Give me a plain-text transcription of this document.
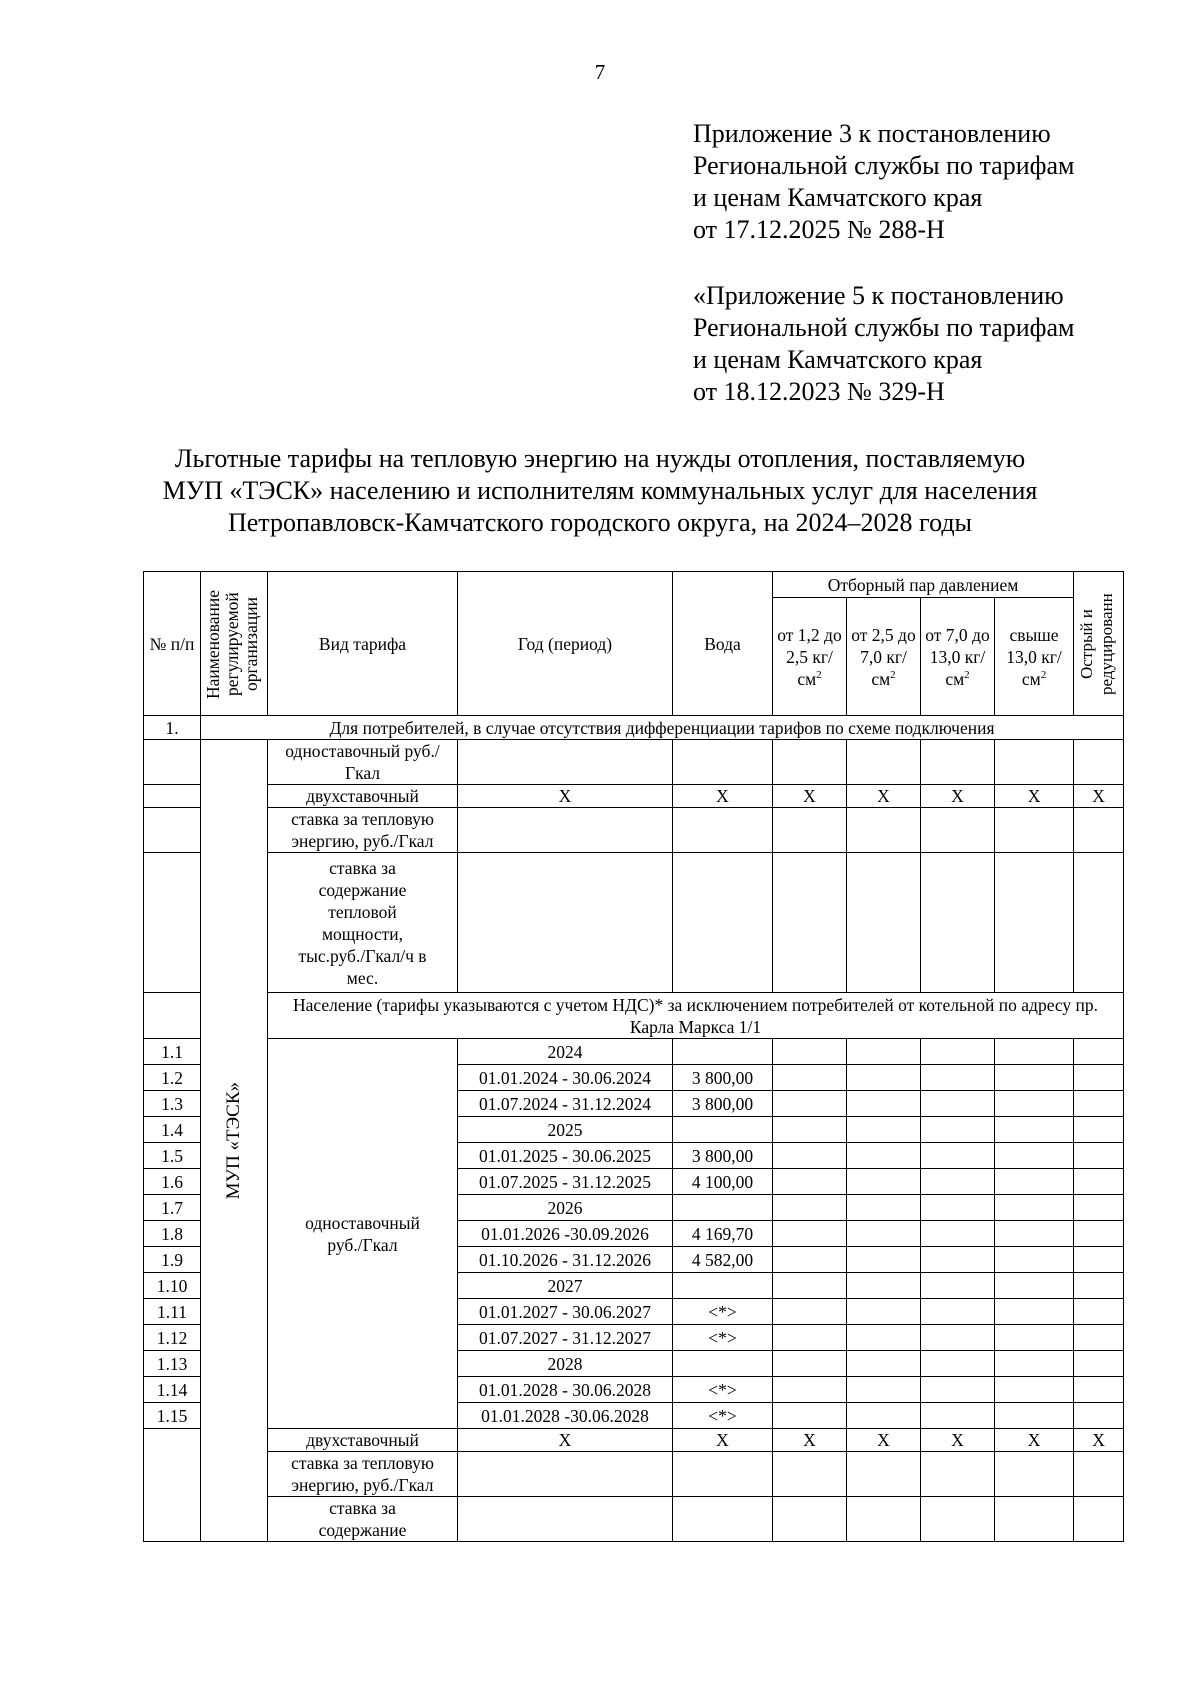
7
Приложение 3 к постановлению
Региональной службы по тарифам
и ценам Камчатского края
от 17.12.2025 № 288-Н
«Приложение 5 к постановлению
Региональной службы по тарифам
и ценам Камчатского края
от 18.12.2023 № 329-Н
Льготные тарифы на тепловую энергию на нужды отопления, поставляемую
МУП «ТЭСК» населению и исполнителям коммунальных услуг для населения
Петропавловск-Камчатского городского округа, на 2024–2028 годы
№ п/п	Наименование регулируемой организации	Вид тарифа	Год (период)	Вода	Отборный пар давлением				Острый и редуцированн

					от 1,2 до 2,5 $кг/см^2$	от 2,5 до 7,0 $кг/см^2$	от 7,0 до 13,0 $кг/см^2$	свыше 13,0 $кг/см^2$
1.	Для потребителей, в случае отсутствия дифференциации тарифов по схеме подключения								

	МУП «ТЭСК»	одноставочный руб./Гкал							
		двухставочный	X	X	X	X	X	X	X
		ставка за тепловую энергию, руб./Гкал							
		ставка за содержание тепловой мощности, тыс.руб./Гкал/ч в мес.							
		Население (тарифы указываются с учетом НДС)* за исключением потребителей от котельной по адресу пр. Карла Маркса 1/1							
1.1		одноставочный руб./Гкал	2024						
1.2			01.01.2024 - 30.06.2024	3 800,00					
1.3			01.07.2024 - 31.12.2024	3 800,00					
1.4			2025						
1.5			01.01.2025 - 30.06.2025	3 800,00					
1.6			01.07.2025 - 31.12.2025	4 100,00					
1.7			2026						
1.8			01.01.2026 -30.09.2026	4 169,70					
1.9			01.10.2026 - 31.12.2026	4 582,00					
1.10			2027						
1.11			01.01.2027 - 30.06.2027	<*>					
1.12			01.07.2027 - 31.12.2027	<*>					
1.13			2028						
1.14			01.01.2028 - 30.06.2028	<*>					
1.15			01.01.2028 -30.06.2028	<*>					
		двухставочный	X	X	X	X	X	X	X
		ставка за тепловую энергию, руб./Гкал							
		ставка за содержание							
